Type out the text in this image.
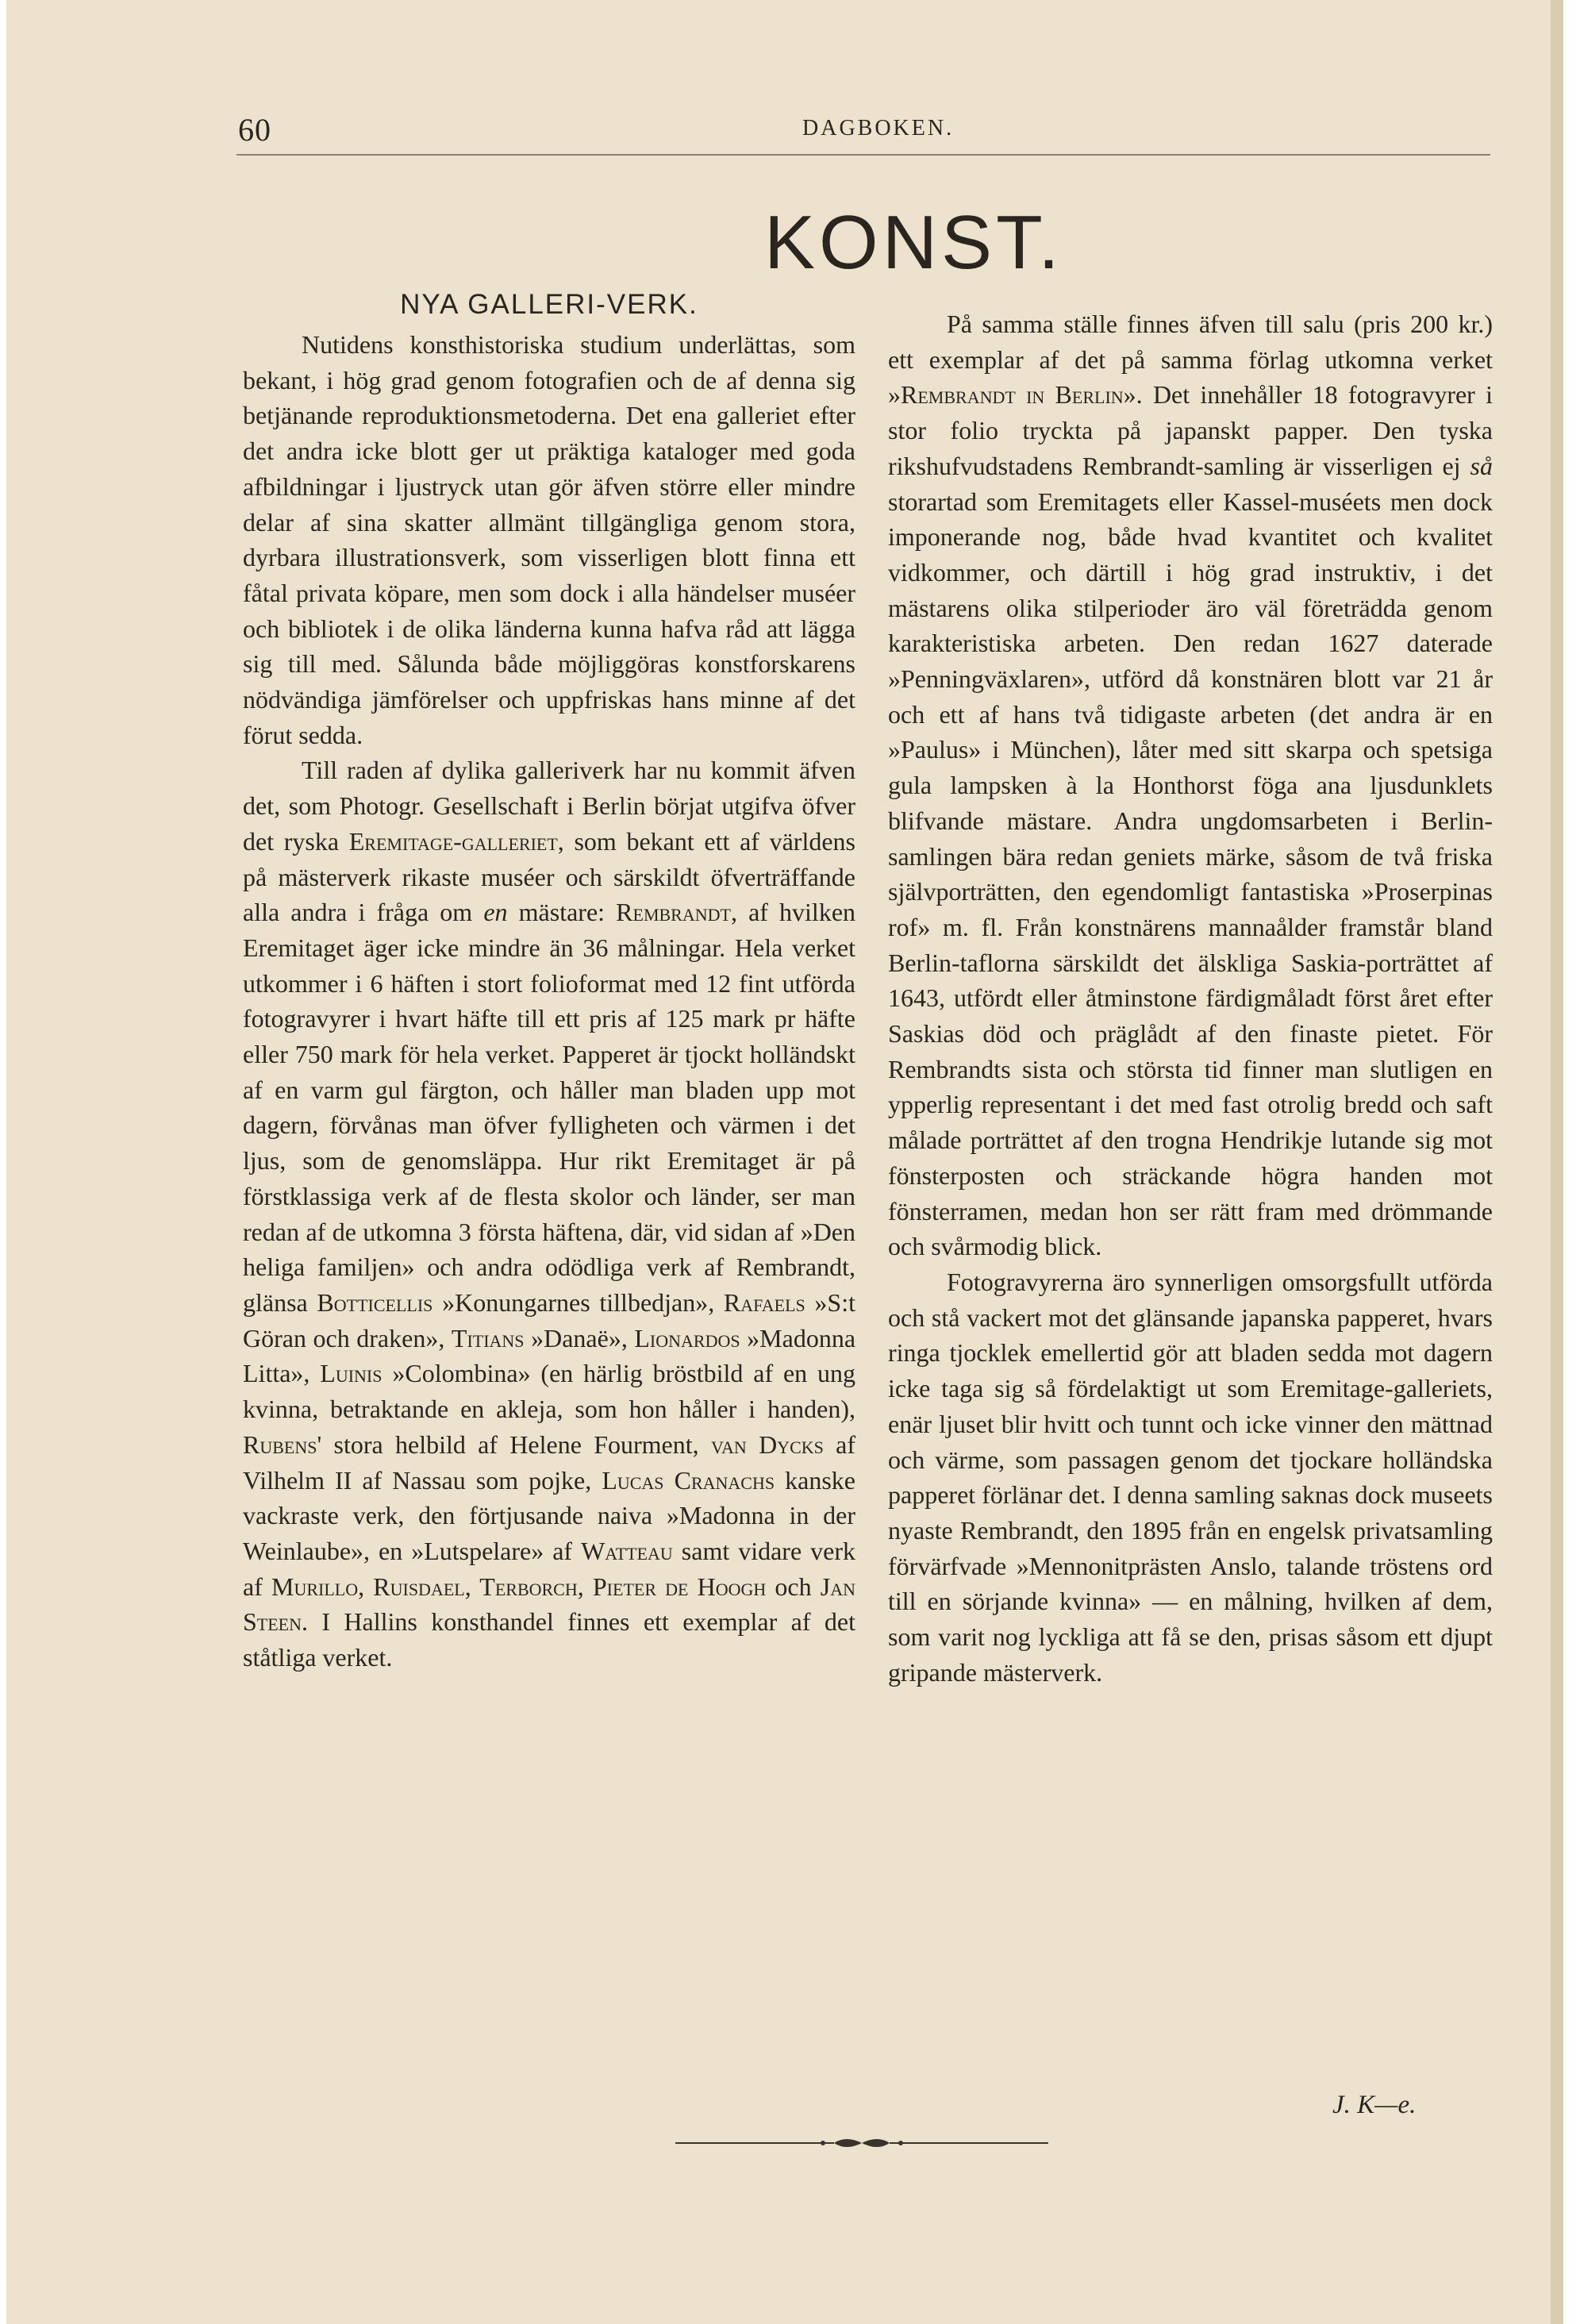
60	DAGBOKEN.
KONST.
NYA GALLERI-VERK.

Nutidens konsthistoriska studium underlättas, som bekant, i hög grad genom fotografien och de af denna sig betjänande reproduktionsmetoderna. Det ena galleriet efter det andra icke blott ger ut präktiga kataloger med goda afbildningar i ljustryck utan gör äfven större eller mindre delar af sina skatter allmänt tillgängliga genom stora, dyrbara illustrationsverk, som visserligen blott finna ett fåtal privata köpare, men som dock i alla händelser muséer och bibliotek i de olika länderna kunna hafva råd att lägga sig till med. Sålunda både möjliggöras konstforskarens nödvändiga jämförelser och uppfriskas hans minne af det förut sedda.

Till raden af dylika galleriverk har nu kommit äfven det, som Photogr. Gesellschaft i Berlin börjat utgifva öfver det ryska Eremitage-galleriet, som bekant ett af världens på mästerverk rikaste muséer och särskildt öfverträffande alla andra i fråga om en mästare: Rembrandt, af hvilken Eremitaget äger icke mindre än 36 målningar. Hela verket utkommer i 6 häften i stort folioformat med 12 fint utförda fotogravyrer i hvart häfte till ett pris af 125 mark pr häfte eller 750 mark för hela verket. Papperet är tjockt holländskt af en varm gul färgton, och håller man bladen upp mot dagern, förvånas man öfver fylligheten och värmen i det ljus, som de genomsläppa. Hur rikt Eremitaget är på förstklassiga verk af de flesta skolor och länder, ser man redan af de utkomna 3 första häftena, där, vid sidan af »Den heliga familjen» och andra odödliga verk af Rembrandt, glänsa Botticellis »Konungarnes tillbedjan», Rafaels »S:t Göran och draken», Titians »Danaë», Lionardos »Madonna Litta», Luinis »Colombina» (en härlig bröstbild af en ung kvinna, betraktande en akleja, som hon håller i handen), Rubens' stora helbild af Helene Fourment, van Dycks af Vilhelm II af Nassau som pojke, Lucas Cranachs kanske vackraste verk, den förtjusande naiva »Madonna in der Weinlaube», en »Lutspelare» af Watteau samt vidare verk af Murillo, Ruisdael, Terborch, Pieter de Hoogh och Jan Steen. I Hallins konsthandel finnes ett exemplar af det ståtliga verket.

På samma ställe finnes äfven till salu (pris 200 kr.) ett exemplar af det på samma förlag utkomna verket »Rembrandt in Berlin». Det innehåller 18 fotogravyrer i stor folio tryckta på japanskt papper. Den tyska rikshufvudstadens Rembrandt-samling är visserligen ej så storartad som Eremitagets eller Kassel-muséets men dock imponerande nog, både hvad kvantitet och kvalitet vidkommer, och därtill i hög grad instruktiv, i det mästarens olika stilperioder äro väl företrädda genom karakteristiska arbeten. Den redan 1627 daterade »Penningväxlaren», utförd då konstnären blott var 21 år och ett af hans två tidigaste arbeten (det andra är en »Paulus» i München), låter med sitt skarpa och spetsiga gula lampsken à la Honthorst föga ana ljusdunklets blifvande mästare. Andra ungdomsarbeten i Berlin-samlingen bära redan geniets märke, såsom de två friska självporträtten, den egendomligt fantastiska »Proserpinas rof» m. fl. Från konstnärens mannaålder framstår bland Berlin-taflorna särskildt det älskliga Saskia-porträttet af 1643, utfördt eller åtminstone färdigmåladt först året efter Saskias död och präglådt af den finaste pietet. För Rembrandts sista och största tid finner man slutligen en ypperlig representant i det med fast otrolig bredd och saft målade porträttet af den trogna Hendrikje lutande sig mot fönsterposten och sträckande högra handen mot fönsterramen, medan hon ser rätt fram med drömmande och svårmodig blick.

Fotogravyrerna äro synnerligen omsorgsfullt utförda och stå vackert mot det glänsande japanska papperet, hvars ringa tjocklek emellertid gör att bladen sedda mot dagern icke taga sig så fördelaktigt ut som Eremitage-galleriets, enär ljuset blir hvitt och tunnt och icke vinner den mättnad och värme, som passagen genom det tjockare holländska papperet förlänar det. I denna samling saknas dock museets nyaste Rembrandt, den 1895 från en engelsk privatsamling förvärfvade »Mennonitprästen Anslo, talande tröstens ord till en sörjande kvinna» — en målning, hvilken af dem, som varit nog lyckliga att få se den, prisas såsom ett djupt gripande mästerverk.

J. K—e.
